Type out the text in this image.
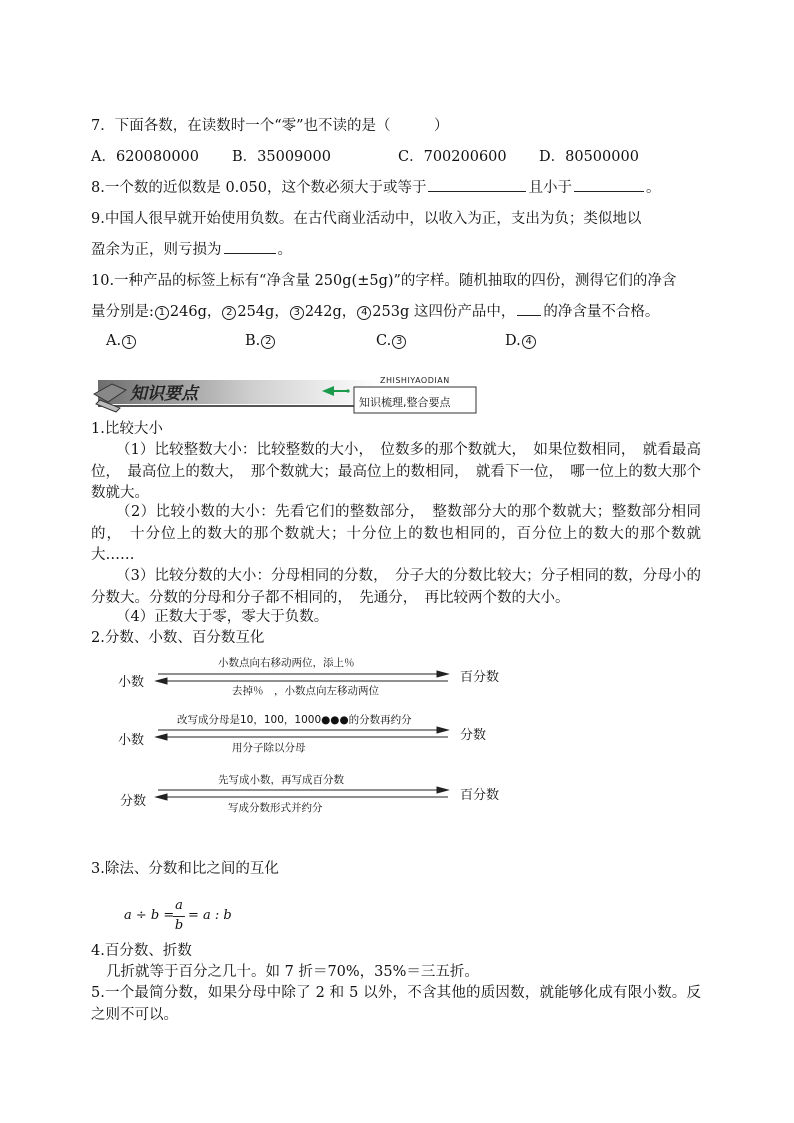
7．下面各数，在读数时一个“零”也不读的是（　　　）
A．620080000 B．35009000	C．700200600 D．80500000
8.一个数的近似数是 0.050，这个数必须大于或等于	且小于	。
9.中国人很早就开始使用负数。在古代商业活动中，以收入为正，支出为负；类似地以
盈余为正，则亏损为	。
10.一种产品的标签上标有“净含量 250g(±5g)”的字样。随机抽取的四份，测得它们的净含
量分别是: 1 246g， 2 254g， 3 242g， 4 253g 这四份产品中， 的净含量不合格。
A. 1	B. 2	C. 3	D. 4
知识要点
ZHISHIYAODIAN
知识梳理,整合要点
1.比较大小
（1）比较整数大小：比较整数的大小，　位数多的那个数就大，　如果位数相同，　就看最高位，　最高位上的数大，　那个数就大；最高位上的数相同，　就看下一位，　哪一位上的数大那个数就大。
（2）比较小数的大小：先看它们的整数部分，　整数部分大的那个数就大；整数部分相同的，　十分位上的数大的那个数就大；十分位上的数也相同的，百分位上的数大的那个数就大……
（3）比较分数的大小：分母相同的分数，　分子大的分数比较大；分子相同的数，分母小的分数大。分数的分母和分子都不相同的，　先通分，　再比较两个数的大小。
（4）正数大于零，零大于负数。
2.分数、小数、百分数互化
小数	百分数
小数点向右移动两位，添上％
去掉％　，小数点向左移动两位
小数	分数
改写成分母是10，100，1000●●●的分数再约分
用分子除以分母
分数	百分数
先写成小数，再写成百分数
写成分数形式并约分
3.除法、分数和比之间的互化
a ÷ b =
a
b
= a : b
4.百分数、折数
几折就等于百分之几十。如 7 折＝70%，35%＝三五折。
5.一个最简分数，如果分母中除了 2 和 5 以外，不含其他的质因数，就能够化成有限小数。反之则不可以。
